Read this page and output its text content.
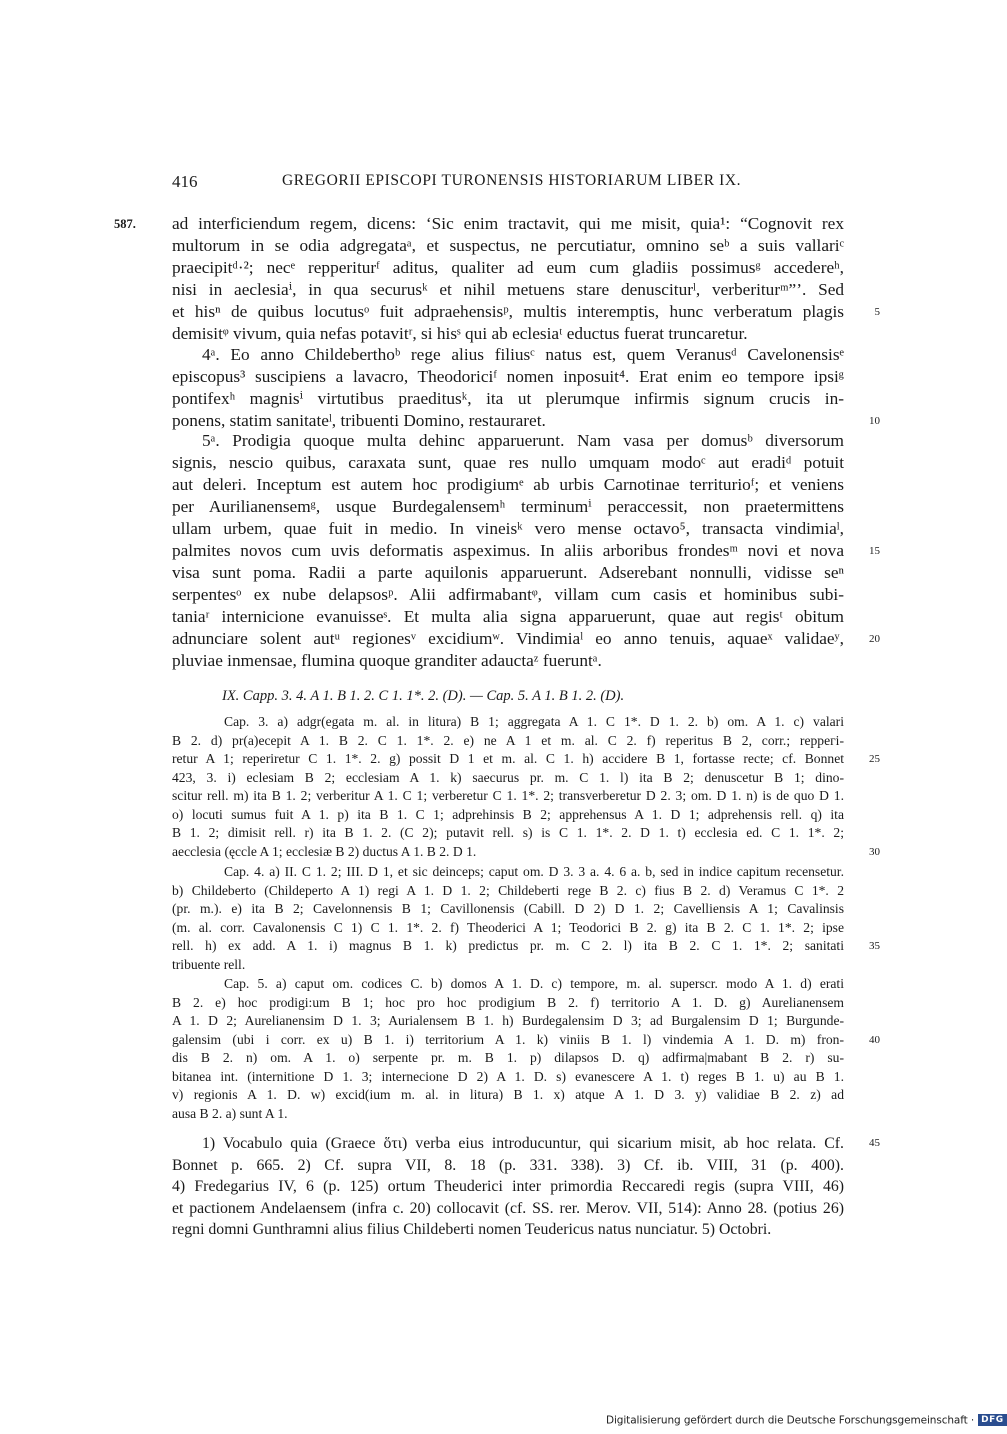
416	GREGORII EPISCOPI TURONENSIS HISTORIARUM LIBER IX.
587. ad interficiendum regem, dicens: ‘Sic enim tractavit, qui me misit, quia¹: “Cognovit rex
multorum in se odia adgregataᵃ, et suspectus, ne percutiatur, omnino seᵇ a suis vallariᶜ
praecipitᵈ·²; necᵉ repperiturᶠ aditus, qualiter ad eum cum gladiis possimusᵍ accedereʰ,
nisi in aeclesiaⁱ, in qua securusᵏ et nihil metuens stare denusciturˡ, verberiturᵐ”’. Sed
et hisⁿ de quibus locutusᵒ fuit adpraehensisᵖ, multis interemptis, hunc verberatum plagis	5
demisitᵠ vivum, quia nefas potavitʳ, si hisˢ qui ab eclesiaᵗ eductus fuerat truncaretur.
4ᵃ. Eo anno Childeberthoᵇ rege alius filiusᶜ natus est, quem Veranusᵈ Cavelonensisᵉ
episcopus³ suscipiens a lavacro, Theodoriciᶠ nomen inposuit⁴. Erat enim eo tempore ipsiᵍ
pontifexʰ magnisⁱ virtutibus praeditusᵏ, ita ut plerumque infirmis signum crucis in-
ponens, statim sanitateˡ, tribuenti Domino, restauraret.	10
5ᵃ. Prodigia quoque multa dehinc apparuerunt. Nam vasa per domusᵇ diversorum
signis, nescio quibus, caraxata sunt, quae res nullo umquam modoᶜ aut eradiᵈ potuit
aut deleri. Inceptum est autem hoc prodigiumᵉ ab urbis Carnotinae territurioᶠ; et veniens
per Aurilianensemᵍ, usque Burdegalensemʰ terminumⁱ peraccessit, non praetermittens
ullam urbem, quae fuit in medio. In vineisᵏ vero mense octavo⁵, transacta vindimiaˡ,
palmites novos cum uvis deformatis aspeximus. In aliis arboribus frondesᵐ novi et nova 15
visa sunt poma. Radii a parte aquilonis apparuerunt. Adserebant nonnulli, vidisse seⁿ
serpentesᵒ ex nube delapsosᵖ. Alii adfirmabantᵠ, villam cum casis et hominibus subi-
taniaʳ internicione evanuisseˢ. Et multa alia signa apparuerunt, quae aut regisᵗ obitum
adnunciare solent autᵘ regionesᵛ excidiumʷ. Vindimiaˡ eo anno tenuis, aquaeˣ validaeʸ, 20
pluviae inmensae, flumina quoque granditer adauctaᶻ fueruntᵃ.
IX. Capp. 3. 4. A 1. B 1. 2. C 1. 1*. 2. (D). — Cap. 5. A 1. B 1. 2. (D).
Cap. 3. a) adgr(egata m. al. in litura) B 1; aggregata A 1. C 1*. D 1. 2. b) om. A 1. c) valari
B 2. d) pr(a)ecepit A 1. B 2. C 1. 1*. 2. e) ne A 1 et m. al. C 2. f) reperitus B 2, corr.; reppeгi-
retur A 1; reperiretur C 1. 1*. 2. g) possit D 1 et m. al. C 1. h) accidere B 1, fortasse recte; cf. Bonnet 25
423, 3. i) eclesiam B 2; ecclesiam A 1. k) saecurus pr. m. C 1. l) ita B 2; denuscetur B 1; dino-
scitur rell. m) ita B 1. 2; verberitur A 1. C 1; verberetur C 1. 1*. 2; transverberetur D 2. 3; om. D 1. n) is de quo D 1.
o) locuti sumus fuit A 1. p) ita B 1. C 1; adprehinsis B 2; apprehensus A 1. D 1; adprehensis rell. q) ita
B 1. 2; dimisit rell. r) ita B 1. 2. (C 2); putavit rell. s) is C 1. 1*. 2. D 1. t) ecclesia ed. C 1. 1*. 2;
aecclesia (ęccle A 1; ecclesiæ B 2) ductus A 1. B 2. D 1.	30
Cap. 4. a) II. C 1. 2; III. D 1, et sic deinceps; caput om. D 3. 3 a. 4. 6 a. b, sed in indice capitum recensetur.
b) Childeberto (Childeperto A 1) regi A 1. D 1. 2; Childeberti rege B 2. c) fius B 2. d) Veramus C 1*. 2
(pr. m.). e) ita B 2; Cavelonnensis B 1; Cavillonensis (Cabill. D 2) D 1. 2; Cavelliensis A 1; Cavalinsis
(m. al. corr. Cavalonensis C 1) C 1. 1*. 2. f) Theoderici A 1; Teodorici B 2. g) ita B 2. C 1. 1*. 2; ipse
rell. h) ex add. A 1. i) magnus B 1. k) predictus pr. m. C 2. l) ita B 2. C 1. 1*. 2; sanitati 35
tribuente rell.
Cap. 5. a) caput om. codices C. b) domos A 1. D. c) tempore, m. al. superscr. modo A 1. d) erati
B 2. e) hoc prodigi:um B 1; hoc pro hoc prodigium B 2. f) territorio A 1. D. g) Aurelianensem
A 1. D 2; Aurelianensim D 1. 3; Aurialensem B 1. h) Burdegalensim D 3; ad Burgalensim D 1; Burgunde-
galensim (ubi i corr. ex u) B 1. i) territorium A 1. k) viniis B 1. l) vindemia A 1. D. m) fron- 40
dis B 2. n) om. A 1. o) serpente pr. m. B 1. p) dilapsos D. q) adfirma|mabant B 2. r) su-
bitanea int. (internitione D 1. 3; internecione D 2) A 1. D. s) evanescere A 1. t) reges B 1. u) au B 1.
v) regionis A 1. D. w) excid(ium m. al. in litura) B 1. x) atque A 1. D 3. y) validiae B 2. z) ad
ausa B 2. a) sunt A 1.
1) Vocabulo quia (Graece ὅτι) verba eius introducuntur, qui sicarium misit, ab hoc relata. Cf. 45
Bonnet p. 665. 2) Cf. supra VII, 8. 18 (p. 331. 338). 3) Cf. ib. VIII, 31 (p. 400).
4) Fredegarius IV, 6 (p. 125) ortum Theuderici inter primordia Reccaredi regis (supra VIII, 46)
et pactionem Andelaensem (infra c. 20) collocavit (cf. SS. rer. Merov. VII, 514): Anno 28. (potius 26)
regni domni Gunthramni alius filius Childeberti nomen Teudericus natus nunciatur. 5) Octobri.
Digitalisierung gefördert durch die Deutsche Forschungsgemeinschaft · DFG
